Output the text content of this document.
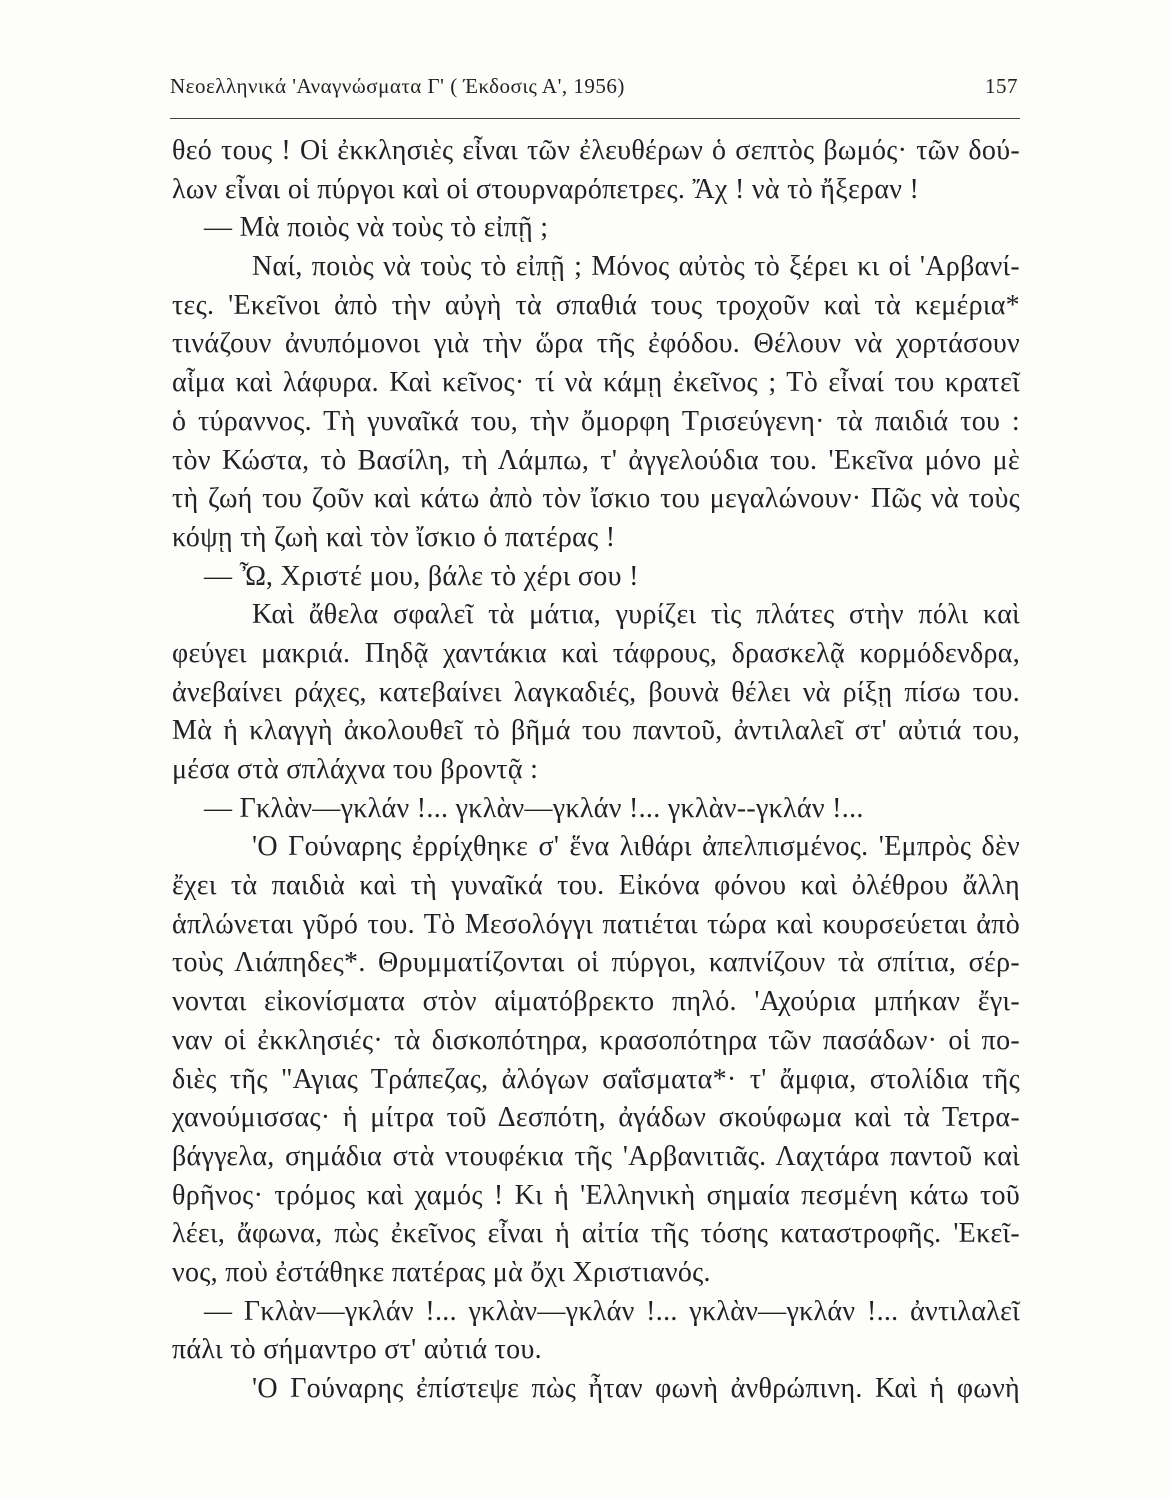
Νεοελληνικά 'Αναγνώσματα Γ' ( Έκδοσις Α', 1956)	157
θεό τους ! Οἱ ἐκκλησιὲς εἶναι τῶν ἐλευθέρων ὁ σεπτὸς βωμός· τῶν δού-
λων εἶναι οἱ πύργοι καὶ οἱ στουρναρόπετρες. Ἄχ ! νὰ τὸ ἤξεραν !
— Μὰ ποιὸς νὰ τοὺς τὸ εἰπῇ ;
Ναί, ποιὸς νὰ τοὺς τὸ εἰπῇ ; Μόνος αὐτὸς τὸ ξέρει κι οἱ 'Αρβανί-
τες. 'Εκεῖνοι ἀπὸ τὴν αὐγὴ τὰ σπαθιά τους τροχοῦν καὶ τὰ κεμέρια*
τινάζουν ἀνυπόμονοι γιὰ τὴν ὥρα τῆς ἐφόδου. Θέλουν νὰ χορτάσουν
αἷμα καὶ λάφυρα. Καὶ κεῖνος· τί νὰ κάμῃ ἐκεῖνος ; Τὸ εἶναί του κρατεῖ
ὁ τύραννος. Τὴ γυναῖκά του, τὴν ὄμορφη Τρισεύγενη· τὰ παιδιά του :
τὸν Κώστα, τὸ Βασίλη, τὴ Λάμπω, τ' ἀγγελούδια του. 'Εκεῖνα μόνο μὲ
τὴ ζωή του ζοῦν καὶ κάτω ἀπὸ τὸν ἴσκιο του μεγαλώνουν· Πῶς νὰ τοὺς
κόψῃ τὴ ζωὴ καὶ τὸν ἴσκιο ὁ πατέρας !
— Ὦ, Χριστέ μου, βάλε τὸ χέρι σου !
Καὶ ἄθελα σφαλεῖ τὰ μάτια, γυρίζει τὶς πλάτες στὴν πόλι καὶ
φεύγει μακριά. Πηδᾷ χαντάκια καὶ τάφρους, δρασκελᾷ κορμόδενδρα,
ἀνεβαίνει ράχες, κατεβαίνει λαγκαδιές, βουνὰ θέλει νὰ ρίξῃ πίσω του.
Μὰ ἡ κλαγγὴ ἀκολουθεῖ τὸ βῆμά του παντοῦ, ἀντιλαλεῖ στ' αὐτιά του,
μέσα στὰ σπλάχνα του βροντᾷ :
— Γκλὰν—γκλάν !... γκλὰν—γκλάν !... γκλὰν--γκλάν !...
'Ο Γούναρης ἐρρίχθηκε σ' ἕνα λιθάρι ἀπελπισμένος. 'Εμπρὸς δὲν
ἔχει τὰ παιδιὰ καὶ τὴ γυναῖκά του. Εἰκόνα φόνου καὶ ὀλέθρου ἄλλη
ἁπλώνεται γῦρό του. Τὸ Μεσολόγγι πατιέται τώρα καὶ κουρσεύεται ἀπὸ
τοὺς Λιάπηδες*. Θρυμματίζονται οἱ πύργοι, καπνίζουν τὰ σπίτια, σέρ-
νονται εἰκονίσματα στὸν αἱματόβρεκτο πηλό. 'Αχούρια μπήκαν ἔγι-
ναν οἱ ἐκκλησιές· τὰ δισκοπότηρα, κρασοπότηρα τῶν πασάδων· οἱ πο-
διὲς τῆς "Αγιας Τράπεζας, ἀλόγων σαΐσματα*· τ' ἄμφια, στολίδια τῆς
χανούμισσας· ἡ μίτρα τοῦ Δεσπότη, ἀγάδων σκούφωμα καὶ τὰ Τετρα-
βάγγελα, σημάδια στὰ ντουφέκια τῆς 'Αρβανιτιᾶς. Λαχτάρα παντοῦ καὶ
θρῆνος· τρόμος καὶ χαμός ! Κι ἡ 'Ελληνικὴ σημαία πεσμένη κάτω τοῦ
λέει, ἄφωνα, πὼς ἐκεῖνος εἶναι ἡ αἰτία τῆς τόσης καταστροφῆς. 'Εκεῖ-
νος, ποὺ ἐστάθηκε πατέρας μὰ ὄχι Χριστιανός.
— Γκλὰν—γκλάν !... γκλὰν—γκλάν !... γκλὰν—γκλάν !... ἀντιλαλεῖ
πάλι τὸ σήμαντρο στ' αὐτιά του.
'Ο Γούναρης ἐπίστεψε πὼς ἦταν φωνὴ ἀνθρώπινη. Καὶ ἡ φωνὴ
